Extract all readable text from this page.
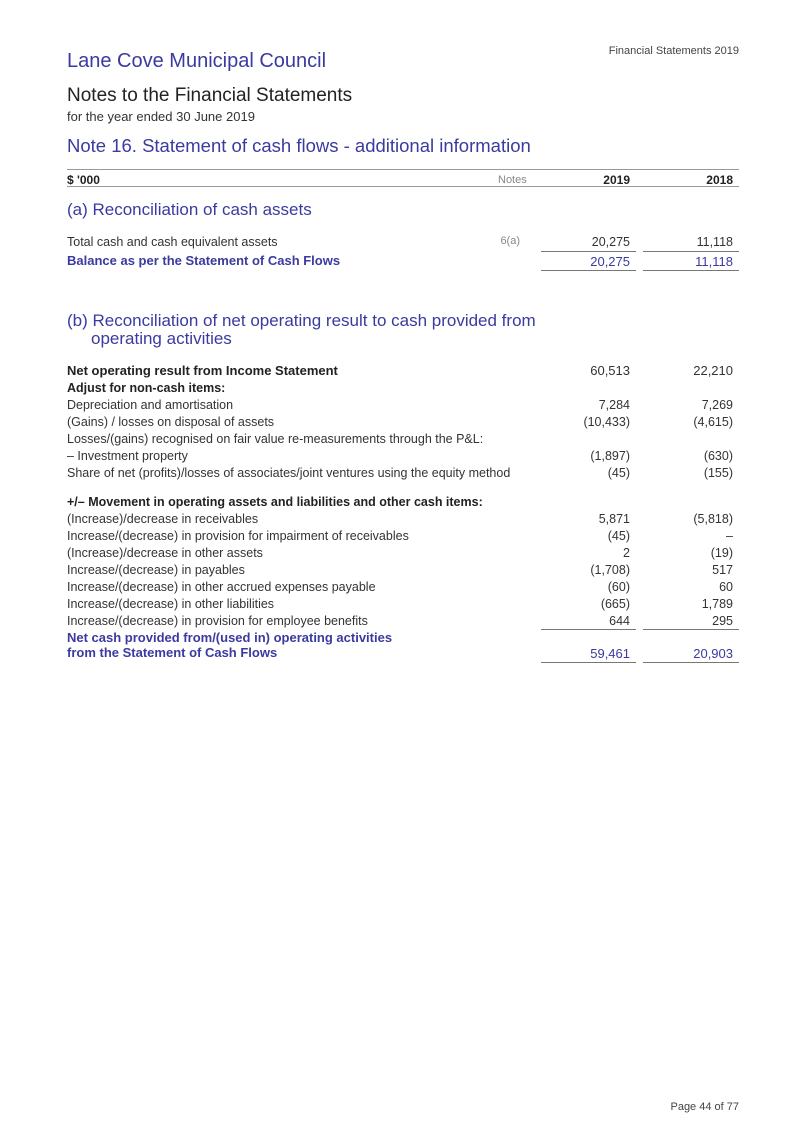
Lane Cove Municipal Council	Financial Statements 2019
Notes to the Financial Statements
for the year ended 30 June 2019
Note 16. Statement of cash flows - additional information
$ '000	Notes	2019	2018
(a) Reconciliation of cash assets
Total cash and cash equivalent assets	6(a)	20,275	11,118
Balance as per the Statement of Cash Flows	20,275	11,118
(b) Reconciliation of net operating result to cash provided from
operating activities
Net operating result from Income Statement	60,513	22,210
Adjust for non-cash items:
Depreciation and amortisation	7,284	7,269
(Gains) / losses on disposal of assets	(10,433)	(4,615)
Losses/(gains) recognised on fair value re-measurements through the P&L:
– Investment property	(1,897)	(630)
Share of net (profits)/losses of associates/joint ventures using the equity method	(45)	(155)
+/– Movement in operating assets and liabilities and other cash items:
(Increase)/decrease in receivables	5,871	(5,818)
Increase/(decrease) in provision for impairment of receivables	(45)	–
(Increase)/decrease in other assets	2	(19)
Increase/(decrease) in payables	(1,708)	517
Increase/(decrease) in other accrued expenses payable	(60)	60
Increase/(decrease) in other liabilities	(665)	1,789
Increase/(decrease) in provision for employee benefits	644	295
Net cash provided from/(used in) operating activities
from the Statement of Cash Flows	59,461	20,903
Page 44 of 77
